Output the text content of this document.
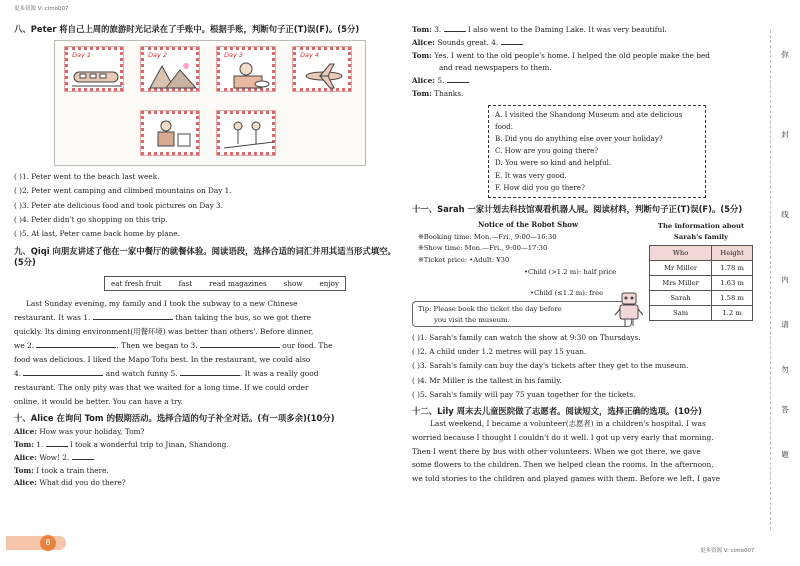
更多资源 V: cimo007
八、Peter 将自己上周的旅游时光记录在了手账中。根据手账，判断句子正(T)误(F)。(5分)
Day 1	Day 2	Day 3	Day 4
( )1. Peter went to the beach last week.
( )2. Peter went camping and climbed mountains on Day 1.
( )3. Peter ate delicious food and took pictures on Day 3.
( )4. Peter didn't go shopping on this trip.
( )5. At last, Peter came back home by plane.
九、Qiqi 向朋友讲述了他在一家中餐厅的就餐体验。阅读语段，选择合适的词汇并用其适当形式填空。(5分)
eat fresh fruit fast read magazines show enjoy
Last Sunday evening, my family and I took the subway to a new Chinese
restaurant. It was 1.	than taking the bus, so we got there
quickly. Its dining environment(用餐环境) was better than others'. Before dinner,
we 2.	. Then we began to 3.	our food. The
food was delicious. I liked the Mapo Tofu best. In the restaurant, we could also
4.	and watch funny 5.	. It was a really good
restaurant. The only pity was that we waited for a long time. If we could order
online, it would be better. You can have a try.
十、Alice 在询问 Tom 的假期活动。选择合适的句子补全对话。(有一项多余)(10分)
Alice: How was your holiday, Tom?
Tom: 1.	I took a wonderful trip to Jinan, Shandong.
Alice: Wow! 2.
Tom: I took a train there.
Alice: What did you do there?
Tom: 3.	I also went to the Daming Lake. It was very beautiful.
Alice: Sounds great. 4.
Tom: Yes. I went to the old people's home. I helped the old people make the bed
and read newspapers to them.
Alice: 5.
Tom: Thanks.
A. I visited the Shandong Museum and ate delicious food.
B. Did you do anything else over your holiday?
C. How are you going there?
D. You were so kind and helpful.
E. It was very good.
F. How did you go there?
十一、Sarah 一家计划去科技馆观看机器人展。阅读材料，判断句子正(T)误(F)。(5分)
Notice of the Robot Show
※Booking time: Mon.—Fri., 9:00—16:30
※Show time: Mon.—Fri., 9:00—17:30
※Ticket price: •Adult: ¥30
•Child (>1.2 m): half price
•Child (≤1.2 m): free
Tip: Please book the ticket the day before
you visit the museum.
The information about
Sarah's family
Who	Height
Mr Miller	1.78 m
Mrs Miller	1.63 m
Sarah	1.58 m
Sam	1.2 m
( )1. Sarah's family can watch the show at 9:30 on Thursdays.
( )2. A child under 1.2 metres will pay 15 yuan.
( )3. Sarah's family can buy the day's tickets after they get to the museum.
( )4. Mr Miller is the tallest in his family.
( )5. Sarah's family will pay 75 yuan together for the tickets.
十二、Lily 周末去儿童医院做了志愿者。阅读短文，选择正确的选项。(10分)
Last weekend, I became a volunteer(志愿者) in a children's hospital. I was
worried because I thought I couldn't do it well. I got up very early that morning.
Then I went there by bus with other volunteers. When we got there, we gave
some flowers to the children. Then we helped clean the rooms. In the afternoon,
we told stories to the children and played games with them. Before we left, I gave
弥
封
线
内
请
勿
答
题
8
更多资源 V: cimo007
